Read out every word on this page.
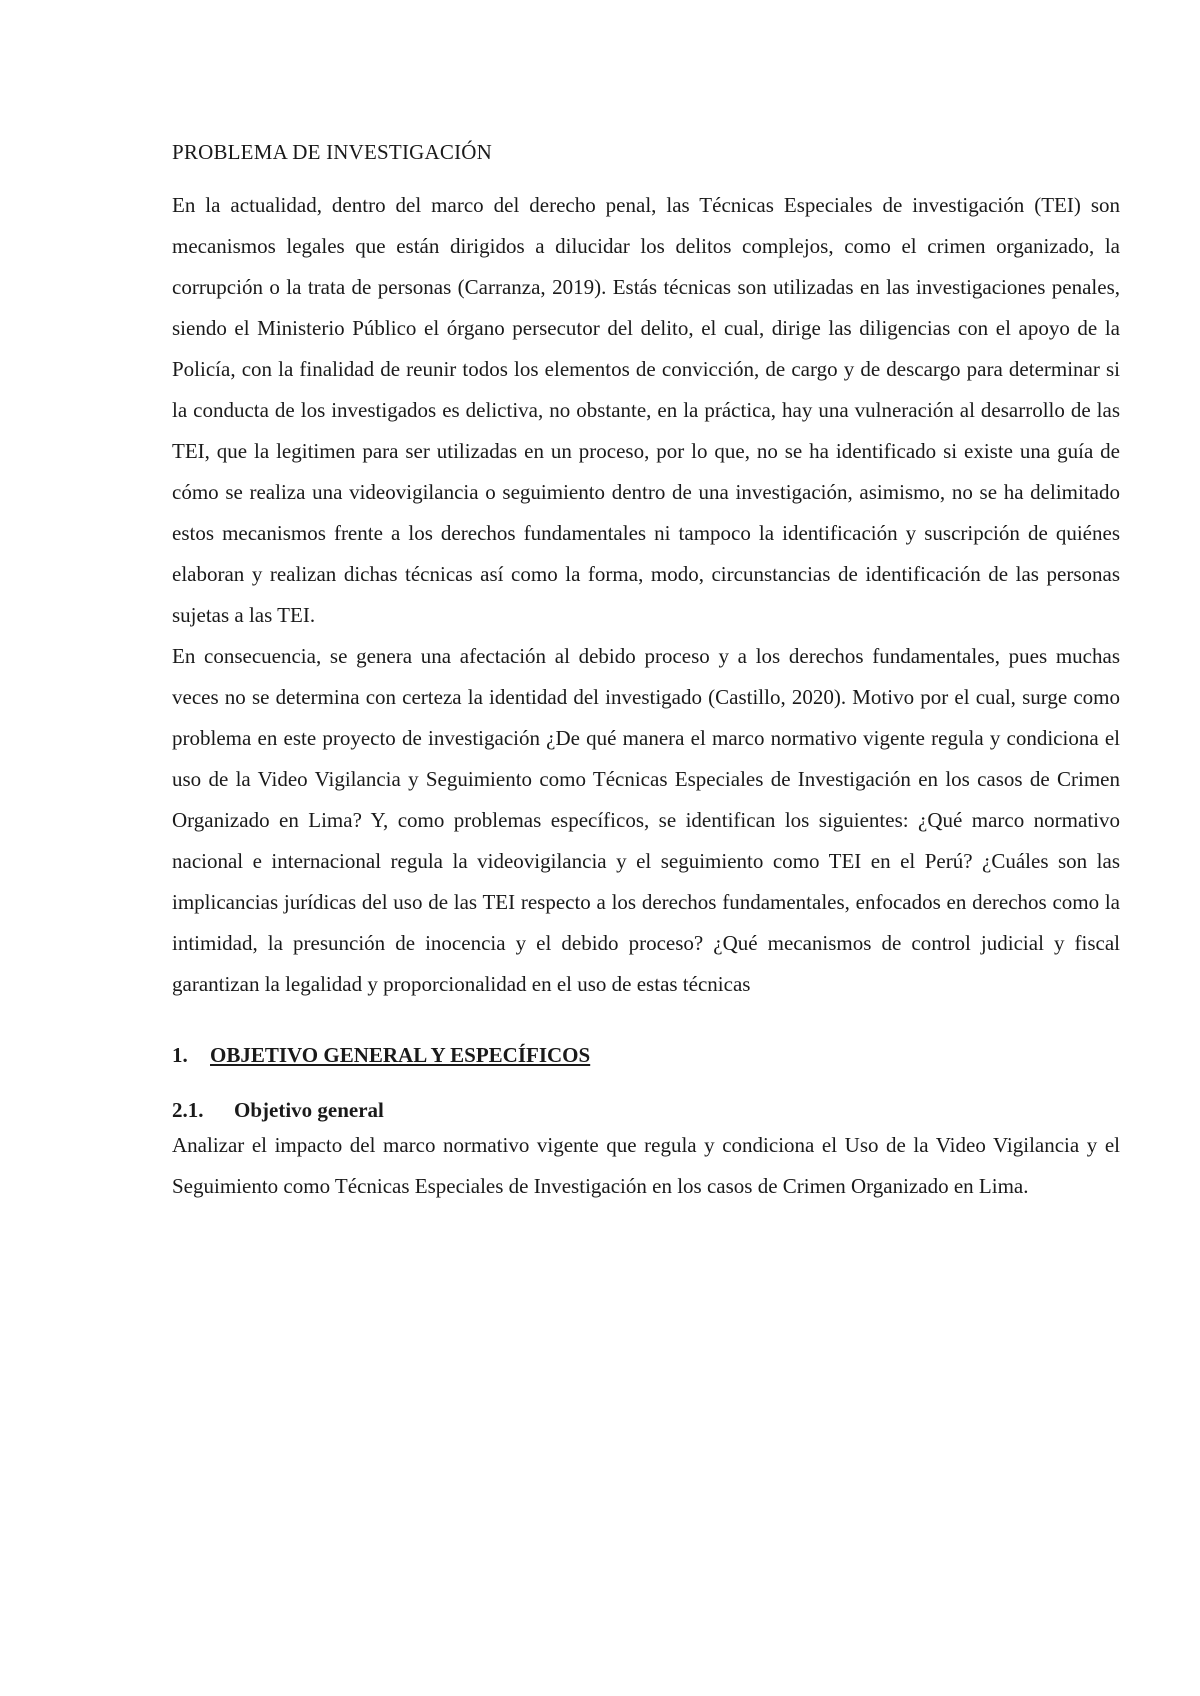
PROBLEMA DE INVESTIGACIÓN

En la actualidad, dentro del marco del derecho penal, las Técnicas Especiales de investigación (TEI) son mecanismos legales que están dirigidos a dilucidar los delitos complejos, como el crimen organizado, la corrupción o la trata de personas (Carranza, 2019). Estás técnicas son utilizadas en las investigaciones penales, siendo el Ministerio Público el órgano persecutor del delito, el cual, dirige las diligencias con el apoyo de la Policía, con la finalidad de reunir todos los elementos de convicción, de cargo y de descargo para determinar si la conducta de los investigados es delictiva, no obstante, en la práctica, hay una vulneración al desarrollo de las TEI, que la legitimen para ser utilizadas en un proceso, por lo que, no se ha identificado si existe una guía de cómo se realiza una videovigilancia o seguimiento dentro de una investigación, asimismo, no se ha delimitado estos mecanismos frente a los derechos fundamentales ni tampoco la identificación y suscripción de quiénes elaboran y realizan dichas técnicas así como la forma, modo, circunstancias de identificación de las personas sujetas a las TEI.

En consecuencia, se genera una afectación al debido proceso y a los derechos fundamentales, pues muchas veces no se determina con certeza la identidad del investigado (Castillo, 2020). Motivo por el cual, surge como problema en este proyecto de investigación ¿De qué manera el marco normativo vigente regula y condiciona el uso de la Video Vigilancia y Seguimiento como Técnicas Especiales de Investigación en los casos de Crimen Organizado en Lima? Y, como problemas específicos, se identifican los siguientes: ¿Qué marco normativo nacional e internacional regula la videovigilancia y el seguimiento como TEI en el Perú? ¿Cuáles son las implicancias jurídicas del uso de las TEI respecto a los derechos fundamentales, enfocados en derechos como la intimidad, la presunción de inocencia y el debido proceso? ¿Qué mecanismos de control judicial y fiscal garantizan la legalidad y proporcionalidad en el uso de estas técnicas

1.	OBJETIVO GENERAL Y ESPECÍFICOS
2.1.	Objetivo general

Analizar el impacto del marco normativo vigente que regula y condiciona el Uso de la Video Vigilancia y el Seguimiento como Técnicas Especiales de Investigación en los casos de Crimen Organizado en Lima.
